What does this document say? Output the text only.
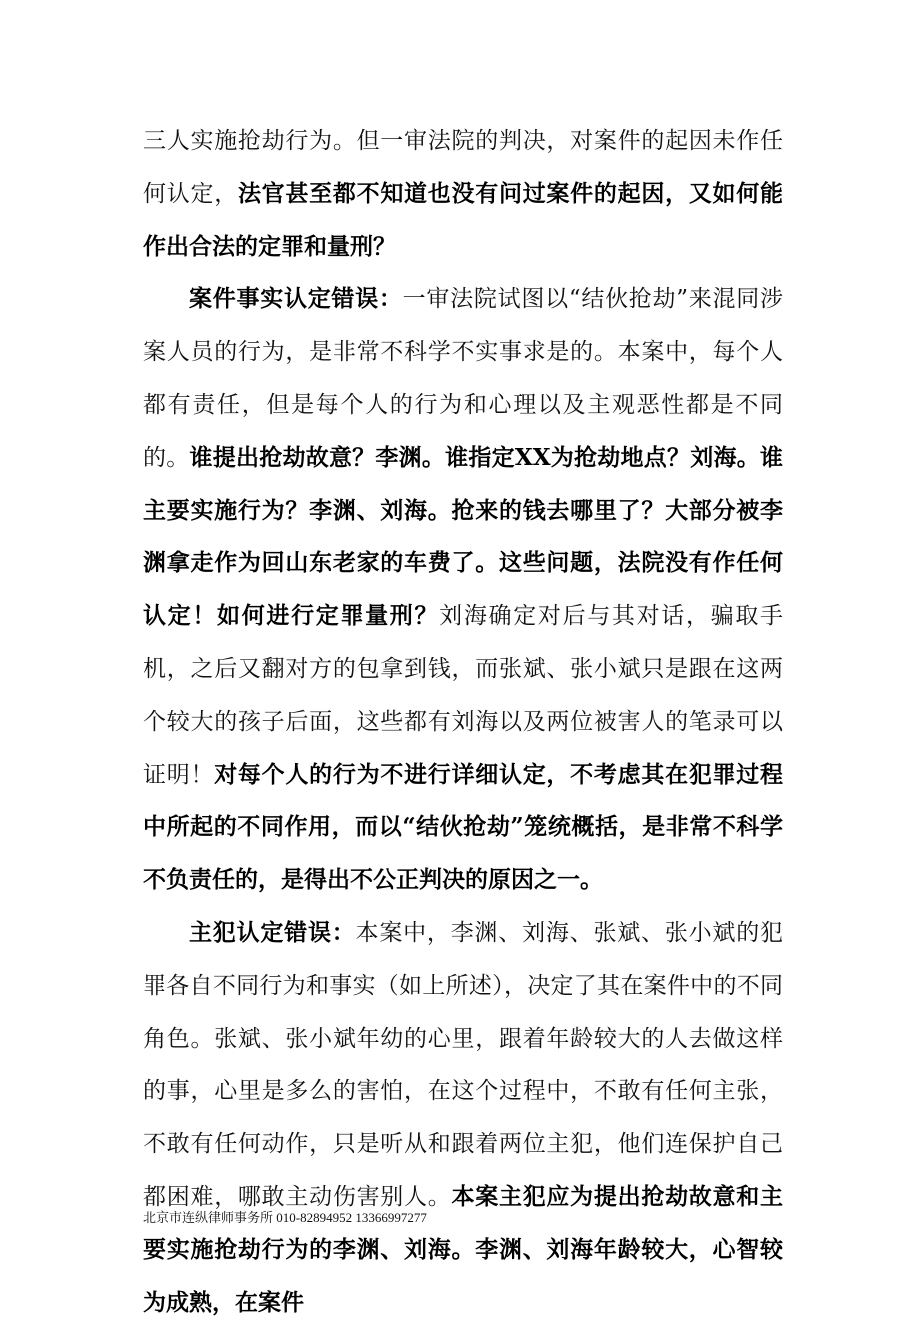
三人实施抢劫行为。但一审法院的判决，对案件的起因未作任何认定，法官甚至都不知道也没有问过案件的起因，又如何能作出合法的定罪和量刑？

案件事实认定错误：一审法院试图以“结伙抢劫”来混同涉案人员的行为，是非常不科学不实事求是的。本案中，每个人都有责任，但是每个人的行为和心理以及主观恶性都是不同的。谁提出抢劫故意？李渊。谁指定XX为抢劫地点？刘海。谁主要实施行为？李渊、刘海。抢来的钱去哪里了？大部分被李渊拿走作为回山东老家的车费了。这些问题，法院没有作任何认定！如何进行定罪量刑？刘海确定对后与其对话，骗取手机，之后又翻对方的包拿到钱，而张斌、张小斌只是跟在这两个较大的孩子后面，这些都有刘海以及两位被害人的笔录可以证明！对每个人的行为不进行详细认定，不考虑其在犯罪过程中所起的不同作用，而以“结伙抢劫”笼统概括，是非常不科学不负责任的，是得出不公正判决的原因之一。

主犯认定错误：本案中，李渊、刘海、张斌、张小斌的犯罪各自不同行为和事实（如上所述），决定了其在案件中的不同角色。张斌、张小斌年幼的心里，跟着年龄较大的人去做这样的事，心里是多么的害怕，在这个过程中，不敢有任何主张，不敢有任何动作，只是听从和跟着两位主犯，他们连保护自己都困难，哪敢主动伤害别人。本案主犯应为提出抢劫故意和主要实施抢劫行为的李渊、刘海。李渊、刘海年龄较大，心智较为成熟，在案件

北京市连纵律师事务所 010-82894952 13366997277
